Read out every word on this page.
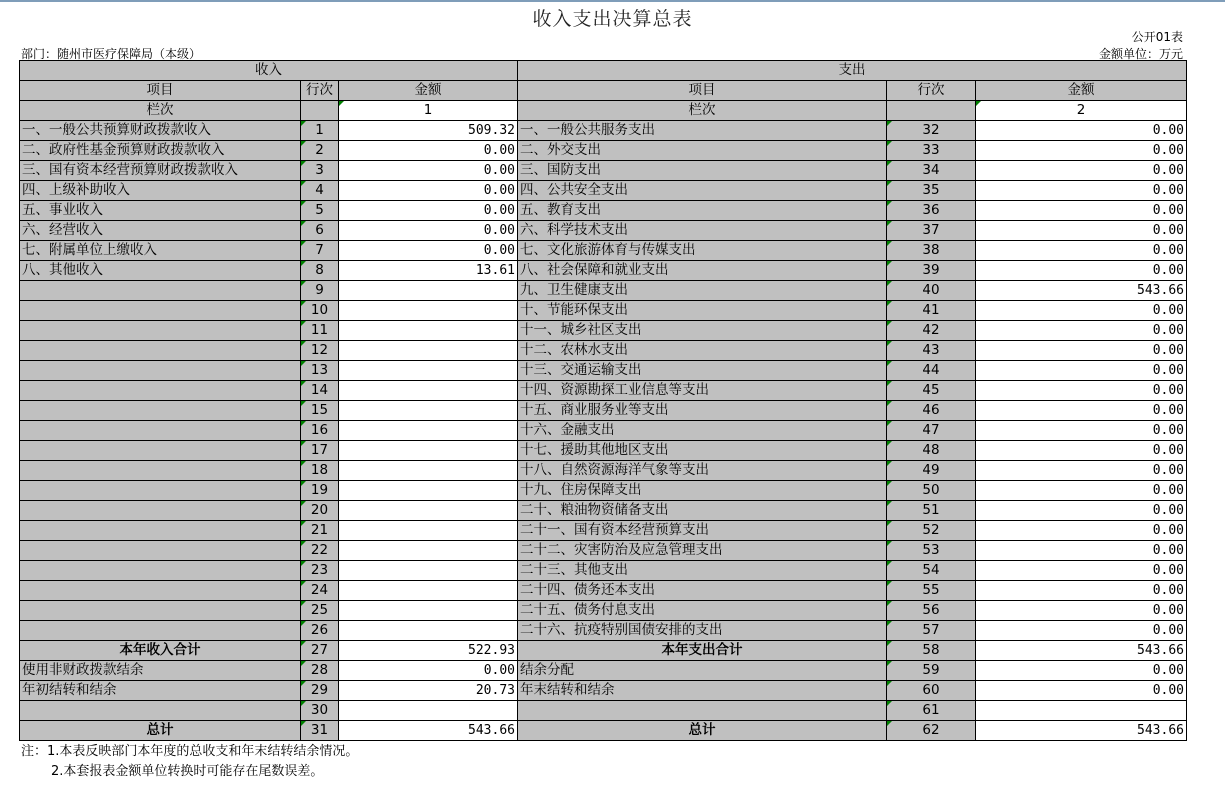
收入支出决算总表
公开01表
部门：随州市医疗保障局（本级）	金额单位：万元
收入			支出		
项目	行次	金额	项目	行次	金额
栏次		1	栏次		2
一、一般公共预算财政拨款收入	1	509.32	一、一般公共服务支出	32	0.00
二、政府性基金预算财政拨款收入	2	0.00	二、外交支出	33	0.00
三、国有资本经营预算财政拨款收入	3	0.00	三、国防支出	34	0.00
四、上级补助收入	4	0.00	四、公共安全支出	35	0.00
五、事业收入	5	0.00	五、教育支出	36	0.00
六、经营收入	6	0.00	六、科学技术支出	37	0.00
七、附属单位上缴收入	7	0.00	七、文化旅游体育与传媒支出	38	0.00
八、其他收入	8	13.61	八、社会保障和就业支出	39	0.00
	9		九、卫生健康支出	40	543.66
	10		十、节能环保支出	41	0.00
	11		十一、城乡社区支出	42	0.00
	12		十二、农林水支出	43	0.00
	13		十三、交通运输支出	44	0.00
	14		十四、资源勘探工业信息等支出	45	0.00
	15		十五、商业服务业等支出	46	0.00
	16		十六、金融支出	47	0.00
	17		十七、援助其他地区支出	48	0.00
	18		十八、自然资源海洋气象等支出	49	0.00
	19		十九、住房保障支出	50	0.00
	20		二十、粮油物资储备支出	51	0.00
	21		二十一、国有资本经营预算支出	52	0.00
	22		二十二、灾害防治及应急管理支出	53	0.00
	23		二十三、其他支出	54	0.00
	24		二十四、债务还本支出	55	0.00
	25		二十五、债务付息支出	56	0.00
	26		二十六、抗疫特别国债安排的支出	57	0.00
本年收入合计	27	522.93	本年支出合计	58	543.66
使用非财政拨款结余	28	0.00	结余分配	59	0.00
年初结转和结余	29	20.73	年末结转和结余	60	0.00
	30			61	
总计	31	543.66	总计	62	543.66
注：1.本表反映部门本年度的总收支和年末结转结余情况。
2.本套报表金额单位转换时可能存在尾数误差。
